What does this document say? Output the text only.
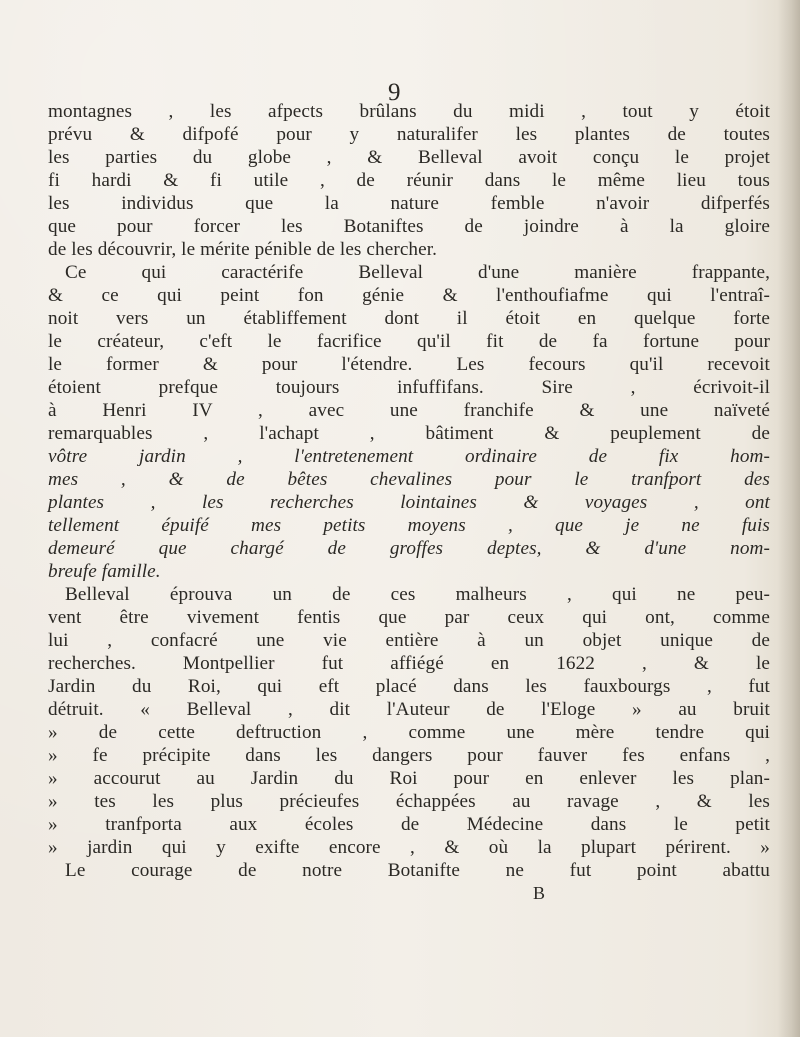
9
montagnes , les afpects brûlans du midi , tout y étoit
prévu & difpofé pour y naturalifer les plantes de toutes
les parties du globe , & Belleval avoit conçu le projet
fi hardi & fi utile , de réunir dans le même lieu tous
les individus que la nature femble n'avoir difperfés
que pour forcer les Botaniftes de joindre à la gloire
de les découvrir, le mérite pénible de les chercher.
Ce qui caractérife Belleval d'une manière frappante,
& ce qui peint fon génie & l'enthoufiafme qui l'entraî-
noit vers un établiffement dont il étoit en quelque forte
le créateur, c'eft le facrifice qu'il fit de fa fortune pour
le former & pour l'étendre. Les fecours qu'il recevoit
étoient prefque toujours infuffifans. Sire , écrivoit-il
à Henri IV , avec une franchife & une naïveté
remarquables , l'achapt , bâtiment & peuplement de
vôtre jardin , l'entretenement ordinaire de fix hom-
mes , & de bêtes chevalines pour le tranfport des
plantes , les recherches lointaines & voyages , ont
tellement épuifé mes petits moyens , que je ne fuis
demeuré que chargé de groffes deptes, & d'une nom-
breufe famille.
Belleval éprouva un de ces malheurs , qui ne peu-
vent être vivement fentis que par ceux qui ont, comme
lui , confacré une vie entière à un objet unique de
recherches. Montpellier fut affiégé en 1622 , & le
Jardin du Roi, qui eft placé dans les fauxbourgs , fut
détruit. « Belleval , dit l'Auteur de l'Eloge » au bruit
» de cette deftruction , comme une mère tendre qui
» fe précipite dans les dangers pour fauver fes enfans ,
» accourut au Jardin du Roi pour en enlever les plan-
» tes les plus précieufes échappées au ravage , & les
» tranfporta aux écoles de Médecine dans le petit
» jardin qui y exifte encore , & où la plupart périrent. »
Le courage de notre Botanifte ne fut point abattu
B
